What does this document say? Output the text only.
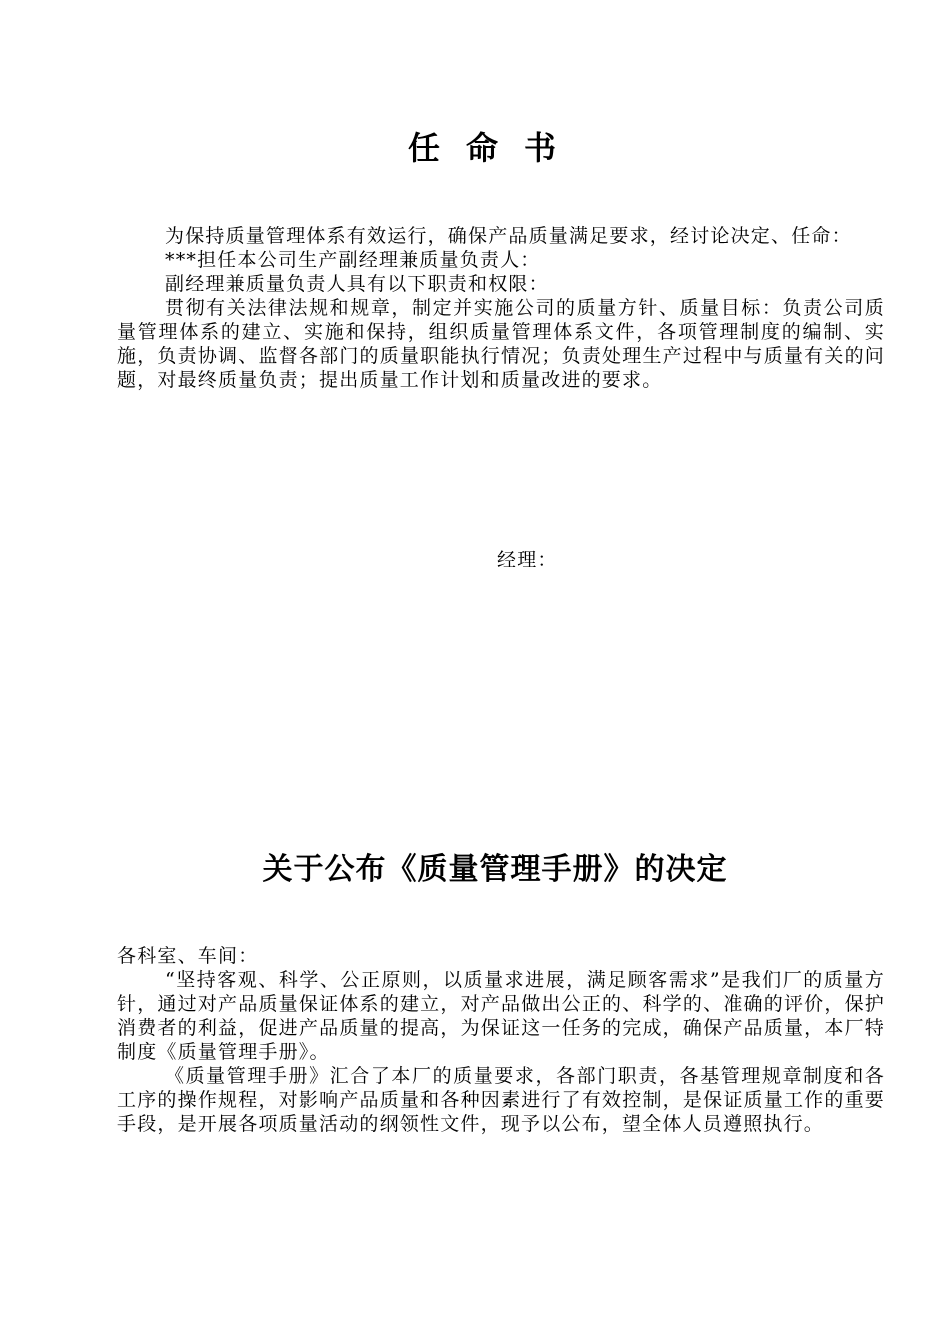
任命书

为保持质量管理体系有效运行，确保产品质量满足要求，经讨论决定、任命：

***担任本公司生产副经理兼质量负责人：

副经理兼质量负责人具有以下职责和权限：

贯彻有关法律法规和规章，制定并实施公司的质量方针、质量目标：负责公司质量管理体系的建立、实施和保持，组织质量管理体系文件，各项管理制度的编制、实施，负责协调、监督各部门的质量职能执行情况；负责处理生产过程中与质量有关的问题，对最终质量负责；提出质量工作计划和质量改进的要求。

经理：

关于公布《质量管理手册》的决定

各科室、车间：

“坚持客观、科学、公正原则，以质量求进展，满足顾客需求”是我们厂的质量方针，通过对产品质量保证体系的建立，对产品做出公正的、科学的、准确的评价，保护消费者的利益，促进产品质量的提高，为保证这一任务的完成，确保产品质量，本厂特制度《质量管理手册》。

《质量管理手册》汇合了本厂的质量要求，各部门职责，各基管理规章制度和各工序的操作规程，对影响产品质量和各种因素进行了有效控制，是保证质量工作的重要手段，是开展各项质量活动的纲领性文件，现予以公布，望全体人员遵照执行。
